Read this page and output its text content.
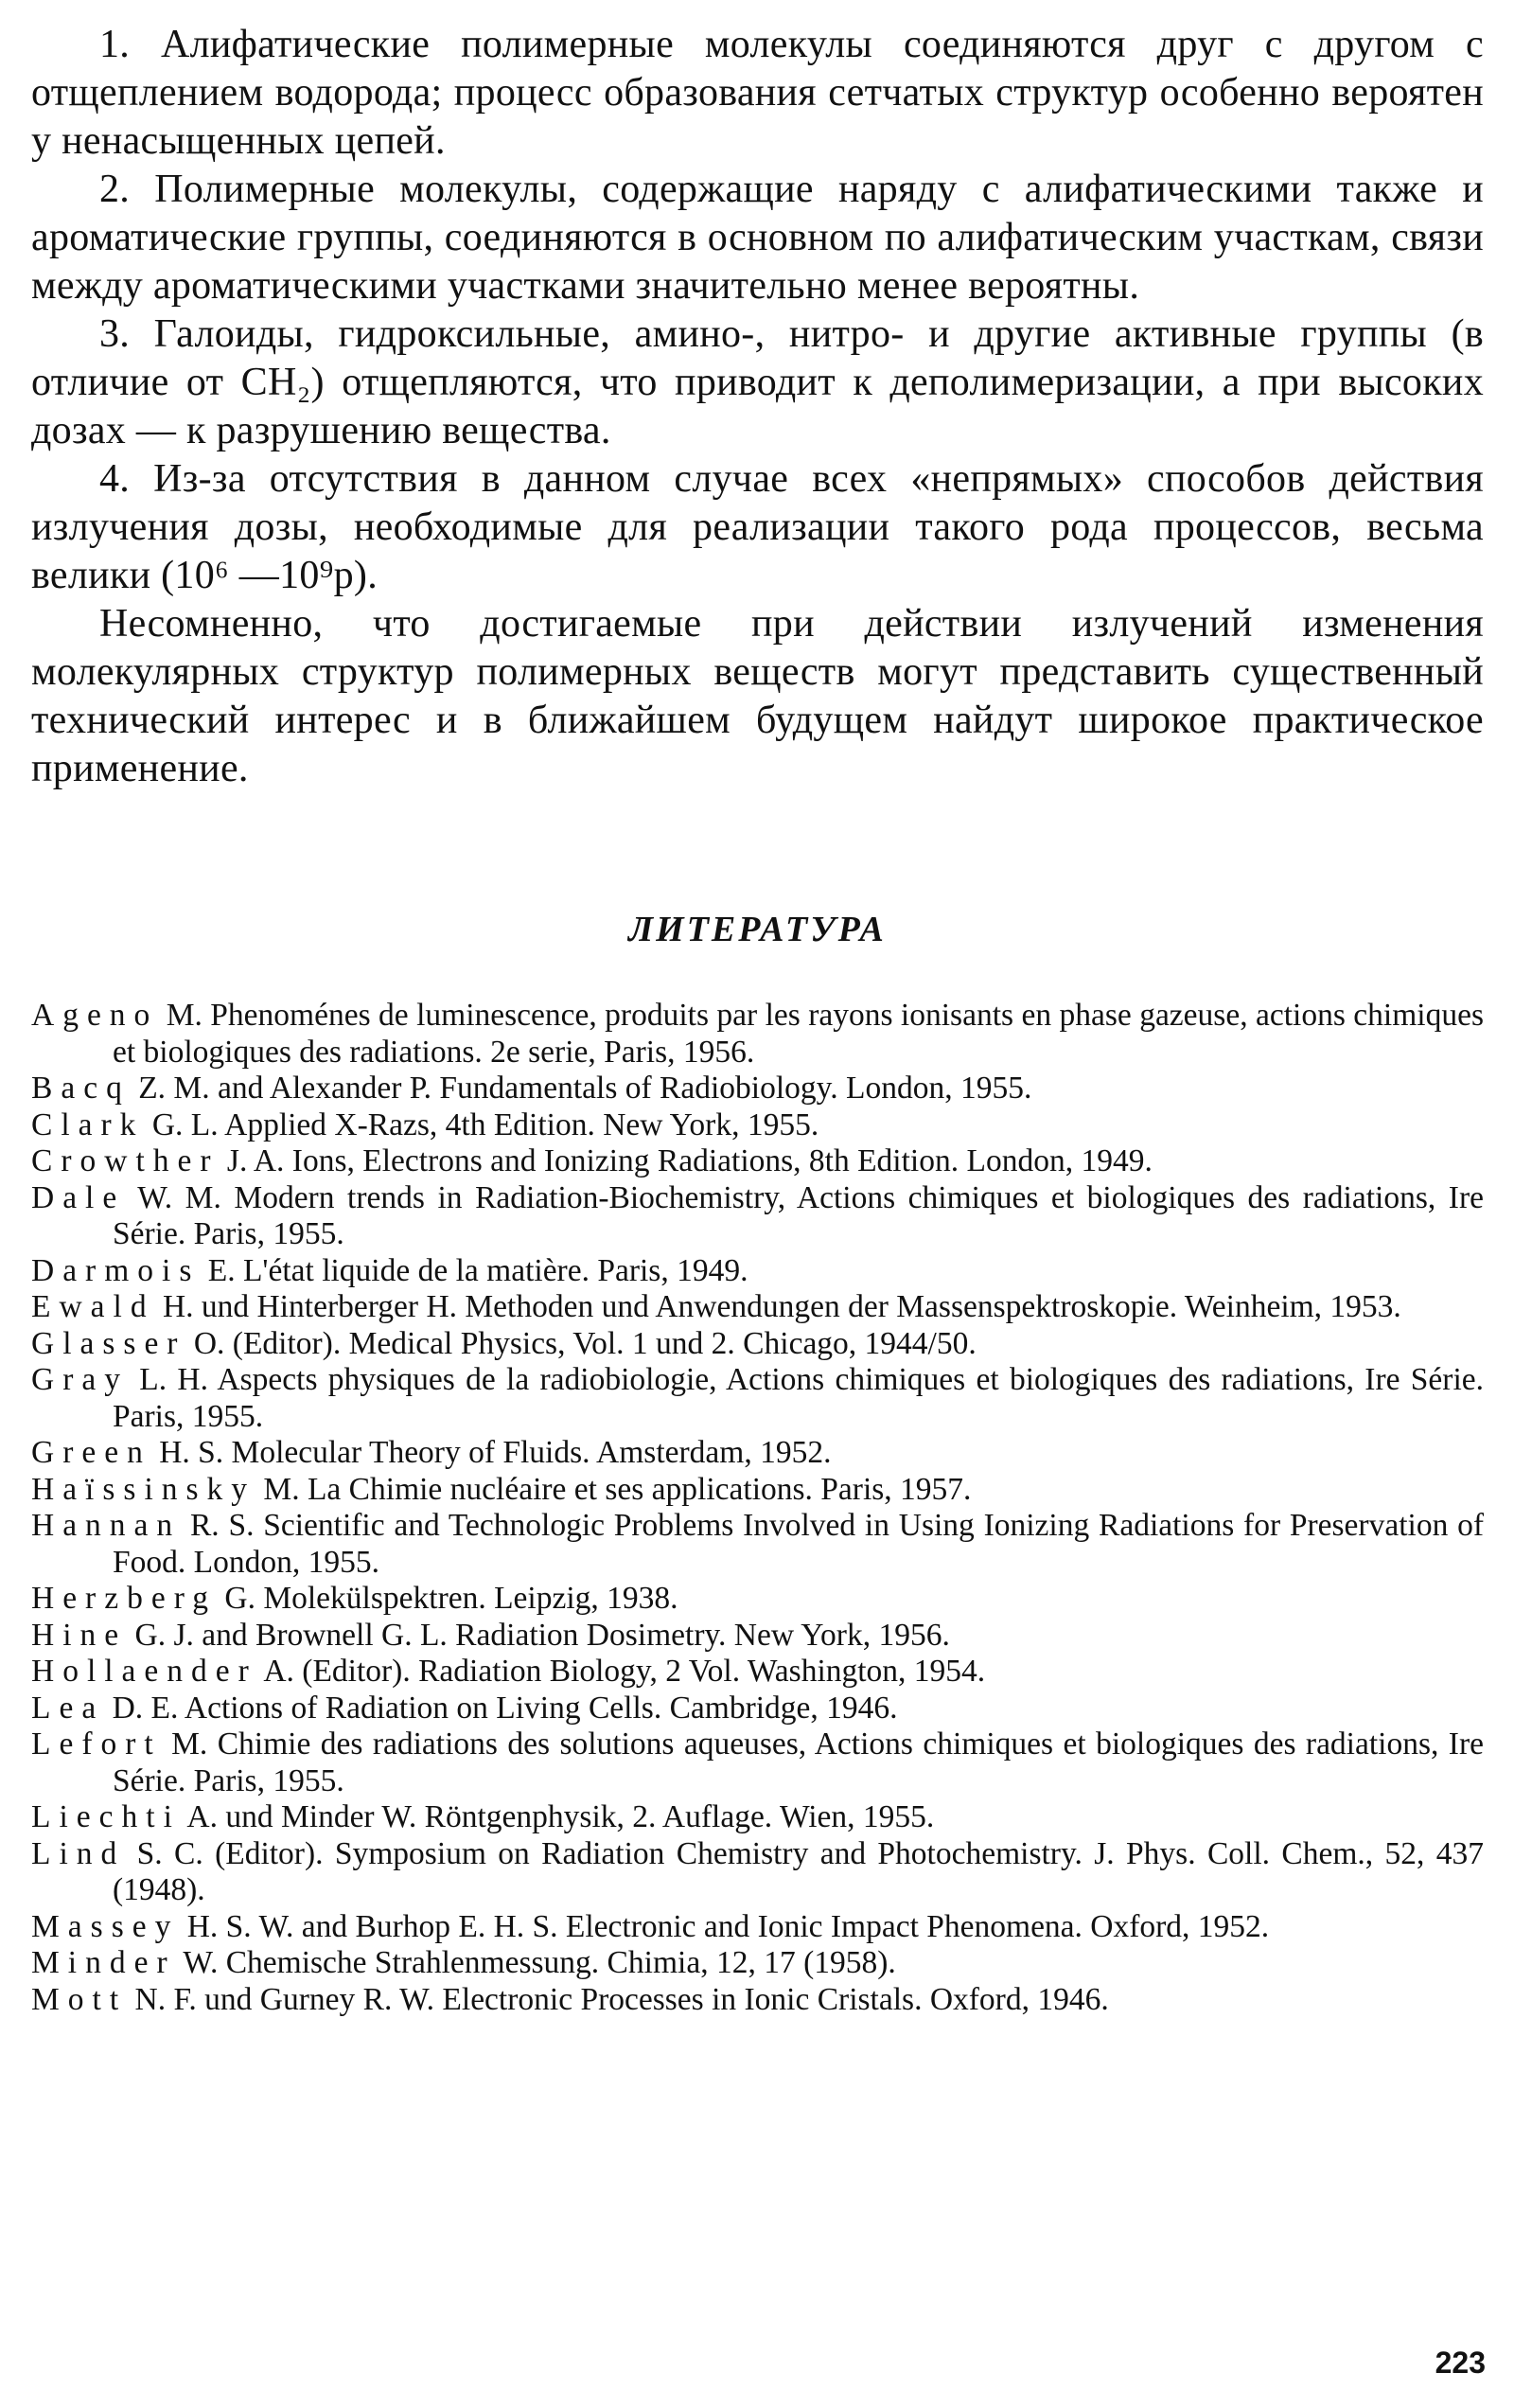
1. Алифатические полимерные молекулы соединяются друг с другом с отщеплением водорода; процесс образования сетчатых структур особенно вероятен у ненасыщенных цепей.

2. Полимерные молекулы, содержащие наряду с алифатическими также и ароматические группы, соединяются в основном по алифатическим участкам, связи между ароматическими участками значительно менее вероятны.

3. Галоиды, гидроксильные, амино-, нитро- и другие активные группы (в отличие от CH₂) отщепляются, что приводит к деполимеризации, а при высоких дозах — к разрушению вещества.

4. Из-за отсутствия в данном случае всех «непрямых» способов действия излучения дозы, необходимые для реализации такого рода процессов, весьма велики (10⁶ —10⁹р).

Несомненно, что достигаемые при действии излучений изменения молекулярных структур полимерных веществ могут представить существенный технический интерес и в ближайшем будущем найдут широкое практическое применение.

ЛИТЕРАТУРА
Ageno M. Phenoménes de luminescence, produits par les rayons ionisants en phase gazeuse, actions chimiques et biologiques des radiations. 2e serie, Paris, 1956.
Bacq Z. M. and Alexander P. Fundamentals of Radiobiology. London, 1955.
Clark G. L. Applied X-Razs, 4th Edition. New York, 1955.
Crowther J. A. Ions, Electrons and Ionizing Radiations, 8th Edition. London, 1949.
Dale W. M. Modern trends in Radiation-Biochemistry, Actions chimiques et biologiques des radiations, Ire Série. Paris, 1955.
Darmois E. L'état liquide de la matière. Paris, 1949.
Ewald H. und Hinterberger H. Methoden und Anwendungen der Massenspektroskopie. Weinheim, 1953.
Glasser O. (Editor). Medical Physics, Vol. 1 und 2. Chicago, 1944/50.
Gray L. H. Aspects physiques de la radiobiologie, Actions chimiques et biologiques des radiations, Ire Série. Paris, 1955.
Green H. S. Molecular Theory of Fluids. Amsterdam, 1952.
Haïssinsky M. La Chimie nucléaire et ses applications. Paris, 1957.
Hannan R. S. Scientific and Technologic Problems Involved in Using Ionizing Radiations for Preservation of Food. London, 1955.
Herzberg G. Molekülspektren. Leipzig, 1938.
Hine G. J. and Brownell G. L. Radiation Dosimetry. New York, 1956.
Hollaender A. (Editor). Radiation Biology, 2 Vol. Washington, 1954.
Lea D. E. Actions of Radiation on Living Cells. Cambridge, 1946.
Lefort M. Chimie des radiations des solutions aqueuses, Actions chimiques et biologiques des radiations, Ire Série. Paris, 1955.
Liechti A. und Minder W. Röntgenphysik, 2. Auflage. Wien, 1955.
Lind S. C. (Editor). Symposium on Radiation Chemistry and Photochemistry. J. Phys. Coll. Chem., 52, 437 (1948).
Massey H. S. W. and Burhop E. H. S. Electronic and Ionic Impact Phenomena. Oxford, 1952.
Minder W. Chemische Strahlenmessung. Chimia, 12, 17 (1958).
Mott N. F. und Gurney R. W. Electronic Processes in Ionic Cristals. Oxford, 1946.
223
